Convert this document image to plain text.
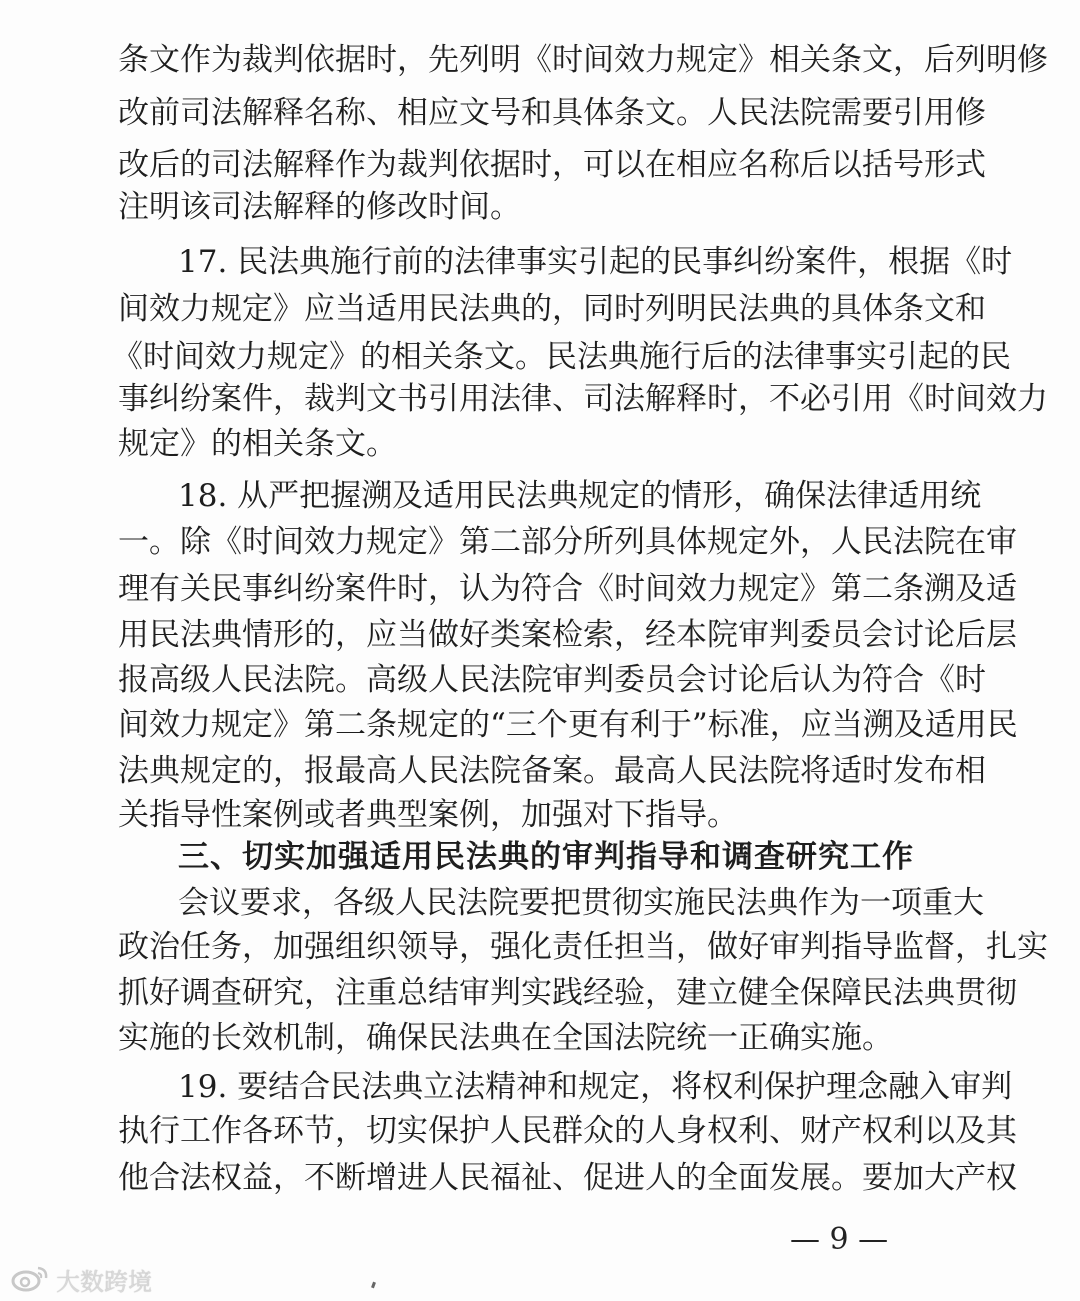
条文作为裁判依据时，先列明《时间效力规定》相关条文，后列明修
改前司法解释名称、相应文号和具体条文。人民法院需要引用修
改后的司法解释作为裁判依据时，可以在相应名称后以括号形式
注明该司法解释的修改时间。
17. 民法典施行前的法律事实引起的民事纠纷案件，根据《时
间效力规定》应当适用民法典的，同时列明民法典的具体条文和
《时间效力规定》的相关条文。民法典施行后的法律事实引起的民
事纠纷案件，裁判文书引用法律、司法解释时，不必引用《时间效力
规定》的相关条文。
18. 从严把握溯及适用民法典规定的情形，确保法律适用统
一。除《时间效力规定》第二部分所列具体规定外，人民法院在审
理有关民事纠纷案件时，认为符合《时间效力规定》第二条溯及适
用民法典情形的，应当做好类案检索，经本院审判委员会讨论后层
报高级人民法院。高级人民法院审判委员会讨论后认为符合《时
间效力规定》第二条规定的“三个更有利于”标准，应当溯及适用民
法典规定的，报最高人民法院备案。最高人民法院将适时发布相
关指导性案例或者典型案例，加强对下指导。
三、切实加强适用民法典的审判指导和调查研究工作
会议要求，各级人民法院要把贯彻实施民法典作为一项重大
政治任务，加强组织领导，强化责任担当，做好审判指导监督，扎实
抓好调查研究，注重总结审判实践经验，建立健全保障民法典贯彻
实施的长效机制，确保民法典在全国法院统一正确实施。
19. 要结合民法典立法精神和规定，将权利保护理念融入审判
执行工作各环节，切实保护人民群众的人身权利、财产权利以及其
他合法权益，不断增进人民福祉、促进人的全面发展。要加大产权
— 9 —
大数跨境
